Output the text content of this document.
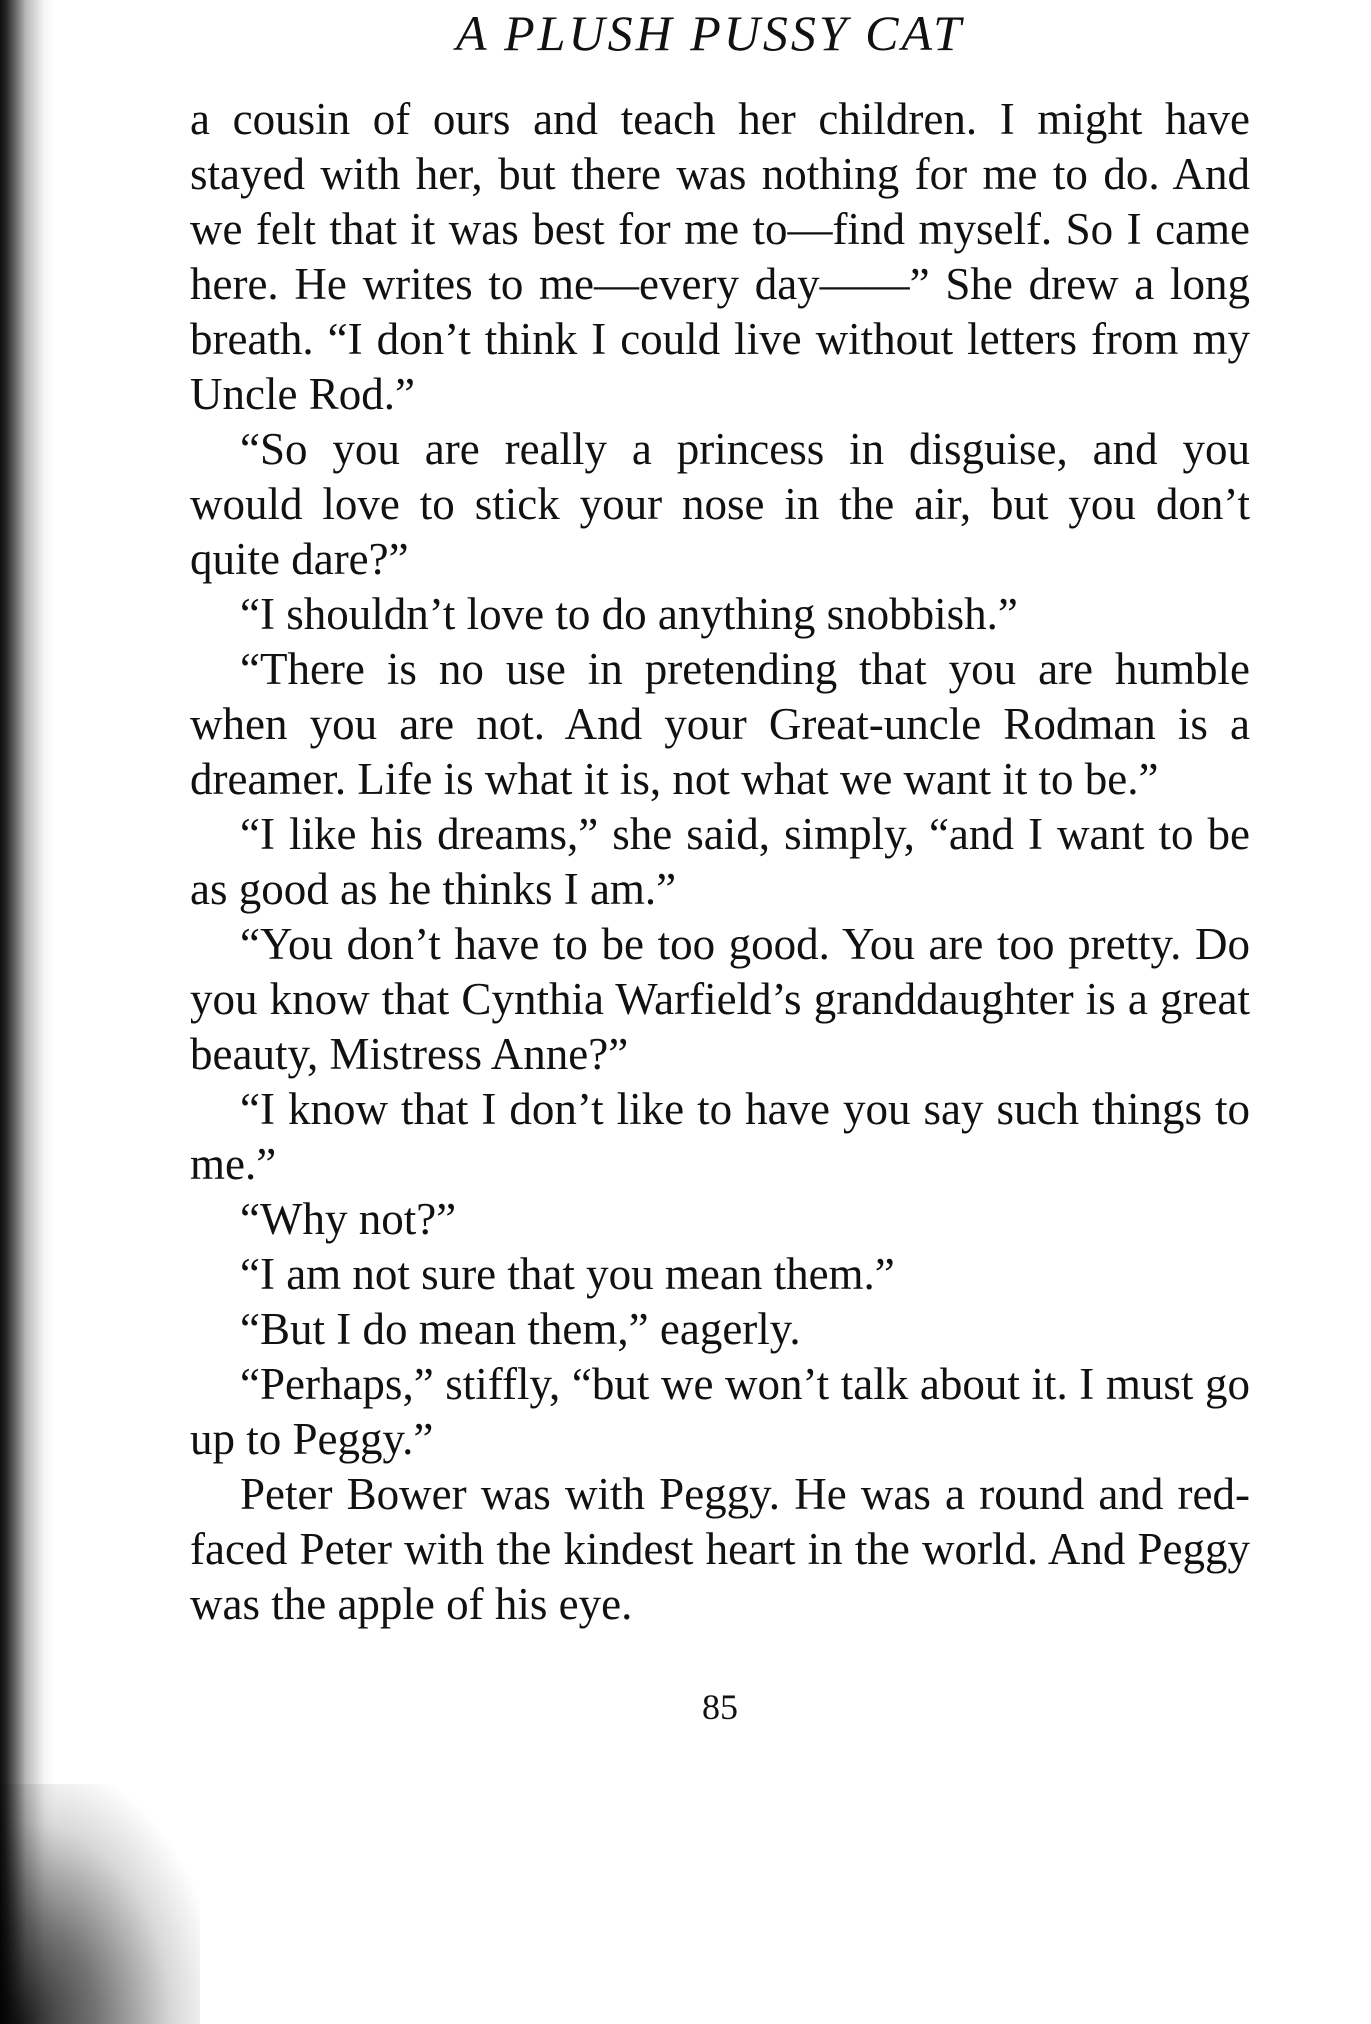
A PLUSH PUSSY CAT

a cousin of ours and teach her children. I might have stayed with her, but there was nothing for me to do. And we felt that it was best for me to—find myself. So I came here. He writes to me—every day——” She drew a long breath. “I don’t think I could live without letters from my Uncle Rod.”

“So you are really a princess in disguise, and you would love to stick your nose in the air, but you don’t quite dare?”

“I shouldn’t love to do anything snobbish.”

“There is no use in pretending that you are humble when you are not. And your Great-uncle Rodman is a dreamer. Life is what it is, not what we want it to be.”

“I like his dreams,” she said, simply, “and I want to be as good as he thinks I am.”

“You don’t have to be too good. You are too pretty. Do you know that Cynthia Warfield’s granddaughter is a great beauty, Mistress Anne?”

“I know that I don’t like to have you say such things to me.”

“Why not?”

“I am not sure that you mean them.”

“But I do mean them,” eagerly.

“Perhaps,” stiffly, “but we won’t talk about it. I must go up to Peggy.”

Peter Bower was with Peggy. He was a round and red-faced Peter with the kindest heart in the world. And Peggy was the apple of his eye.

85
